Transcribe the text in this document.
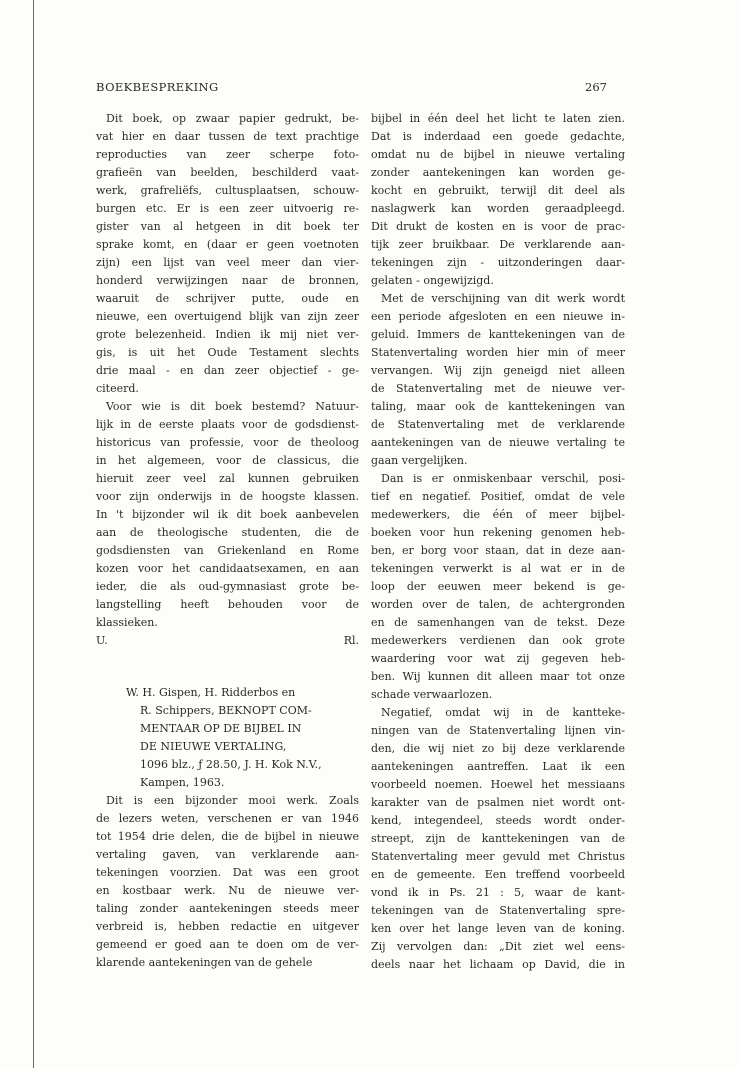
BOEKBESPREKING	267

Dit boek, op zwaar papier gedrukt, be-
vat hier en daar tussen de text prachtige
reproducties van zeer scherpe foto-
grafieën van beelden, beschilderd vaat-
werk, grafreliëfs, cultusplaatsen, schouw-
burgen etc. Er is een zeer uitvoerig re-
gister van al hetgeen in dit boek ter
sprake komt, en (daar er geen voetnoten
zijn) een lijst van veel meer dan vier-
honderd verwijzingen naar de bronnen,
waaruit de schrijver putte, oude en
nieuwe, een overtuigend blijk van zijn zeer
grote belezenheid. Indien ik mij niet ver-
gis, is uit het Oude Testament slechts
drie maal - en dan zeer objectief - ge-
citeerd.

Voor wie is dit boek bestemd? Natuur-
lijk in de eerste plaats voor de godsdienst-
historicus van professie, voor de theoloog
in het algemeen, voor de classicus, die
hieruit zeer veel zal kunnen gebruiken
voor zijn onderwijs in de hoogste klassen.
In 't bijzonder wil ik dit boek aanbevelen
aan de theologische studenten, die de
godsdiensten van Griekenland en Rome
kozen voor het candidaatsexamen, en aan
ieder, die als oud-gymnasiast grote be-
langstelling heeft behouden voor de
klassieken.

U.	Rl.
W. H. Gispen, H. Ridderbos en
R. Schippers, BEKNOPT COM-
MENTAAR OP DE BIJBEL IN
DE NIEUWE VERTALING,
1096 blz., ƒ 28.50, J. H. Kok N.V.,
Kampen, 1963.

Dit is een bijzonder mooi werk. Zoals
de lezers weten, verschenen er van 1946
tot 1954 drie delen, die de bijbel in nieuwe
vertaling gaven, van verklarende aan-
tekeningen voorzien. Dat was een groot
en kostbaar werk. Nu de nieuwe ver-
taling zonder aantekeningen steeds meer
verbreid is, hebben redactie en uitgever
gemeend er goed aan te doen om de ver-
klarende aantekeningen van de gehele

bijbel in één deel het licht te laten zien.
Dat is inderdaad een goede gedachte,
omdat nu de bijbel in nieuwe vertaling
zonder aantekeningen kan worden ge-
kocht en gebruikt, terwijl dit deel als
naslagwerk kan worden geraadpleegd.
Dit drukt de kosten en is voor de prac-
tijk zeer bruikbaar. De verklarende aan-
tekeningen zijn - uitzonderingen daar-
gelaten - ongewijzigd.

Met de verschijning van dit werk wordt
een periode afgesloten en een nieuwe in-
geluid. Immers de kanttekeningen van de
Statenvertaling worden hier min of meer
vervangen. Wij zijn geneigd niet alleen
de Statenvertaling met de nieuwe ver-
taling, maar ook de kanttekeningen van
de Statenvertaling met de verklarende
aantekeningen van de nieuwe vertaling te
gaan vergelijken.

Dan is er onmiskenbaar verschil, posi-
tief en negatief. Positief, omdat de vele
medewerkers, die één of meer bijbel-
boeken voor hun rekening genomen heb-
ben, er borg voor staan, dat in deze aan-
tekeningen verwerkt is al wat er in de
loop der eeuwen meer bekend is ge-
worden over de talen, de achtergronden
en de samenhangen van de tekst. Deze
medewerkers verdienen dan ook grote
waardering voor wat zij gegeven heb-
ben. Wij kunnen dit alleen maar tot onze
schade verwaarlozen.

Negatief, omdat wij in de kantteke-
ningen van de Statenvertaling lijnen vin-
den, die wij niet zo bij deze verklarende
aantekeningen aantreffen. Laat ik een
voorbeeld noemen. Hoewel het messiaans
karakter van de psalmen niet wordt ont-
kend, integendeel, steeds wordt onder-
streept, zijn de kanttekeningen van de
Statenvertaling meer gevuld met Christus
en de gemeente. Een treffend voorbeeld
vond ik in Ps. 21 : 5, waar de kant-
tekeningen van de Statenvertaling spre-
ken over het lange leven van de koning.
Zij vervolgen dan: „Dit ziet wel eens-
deels naar het lichaam op David, die in
